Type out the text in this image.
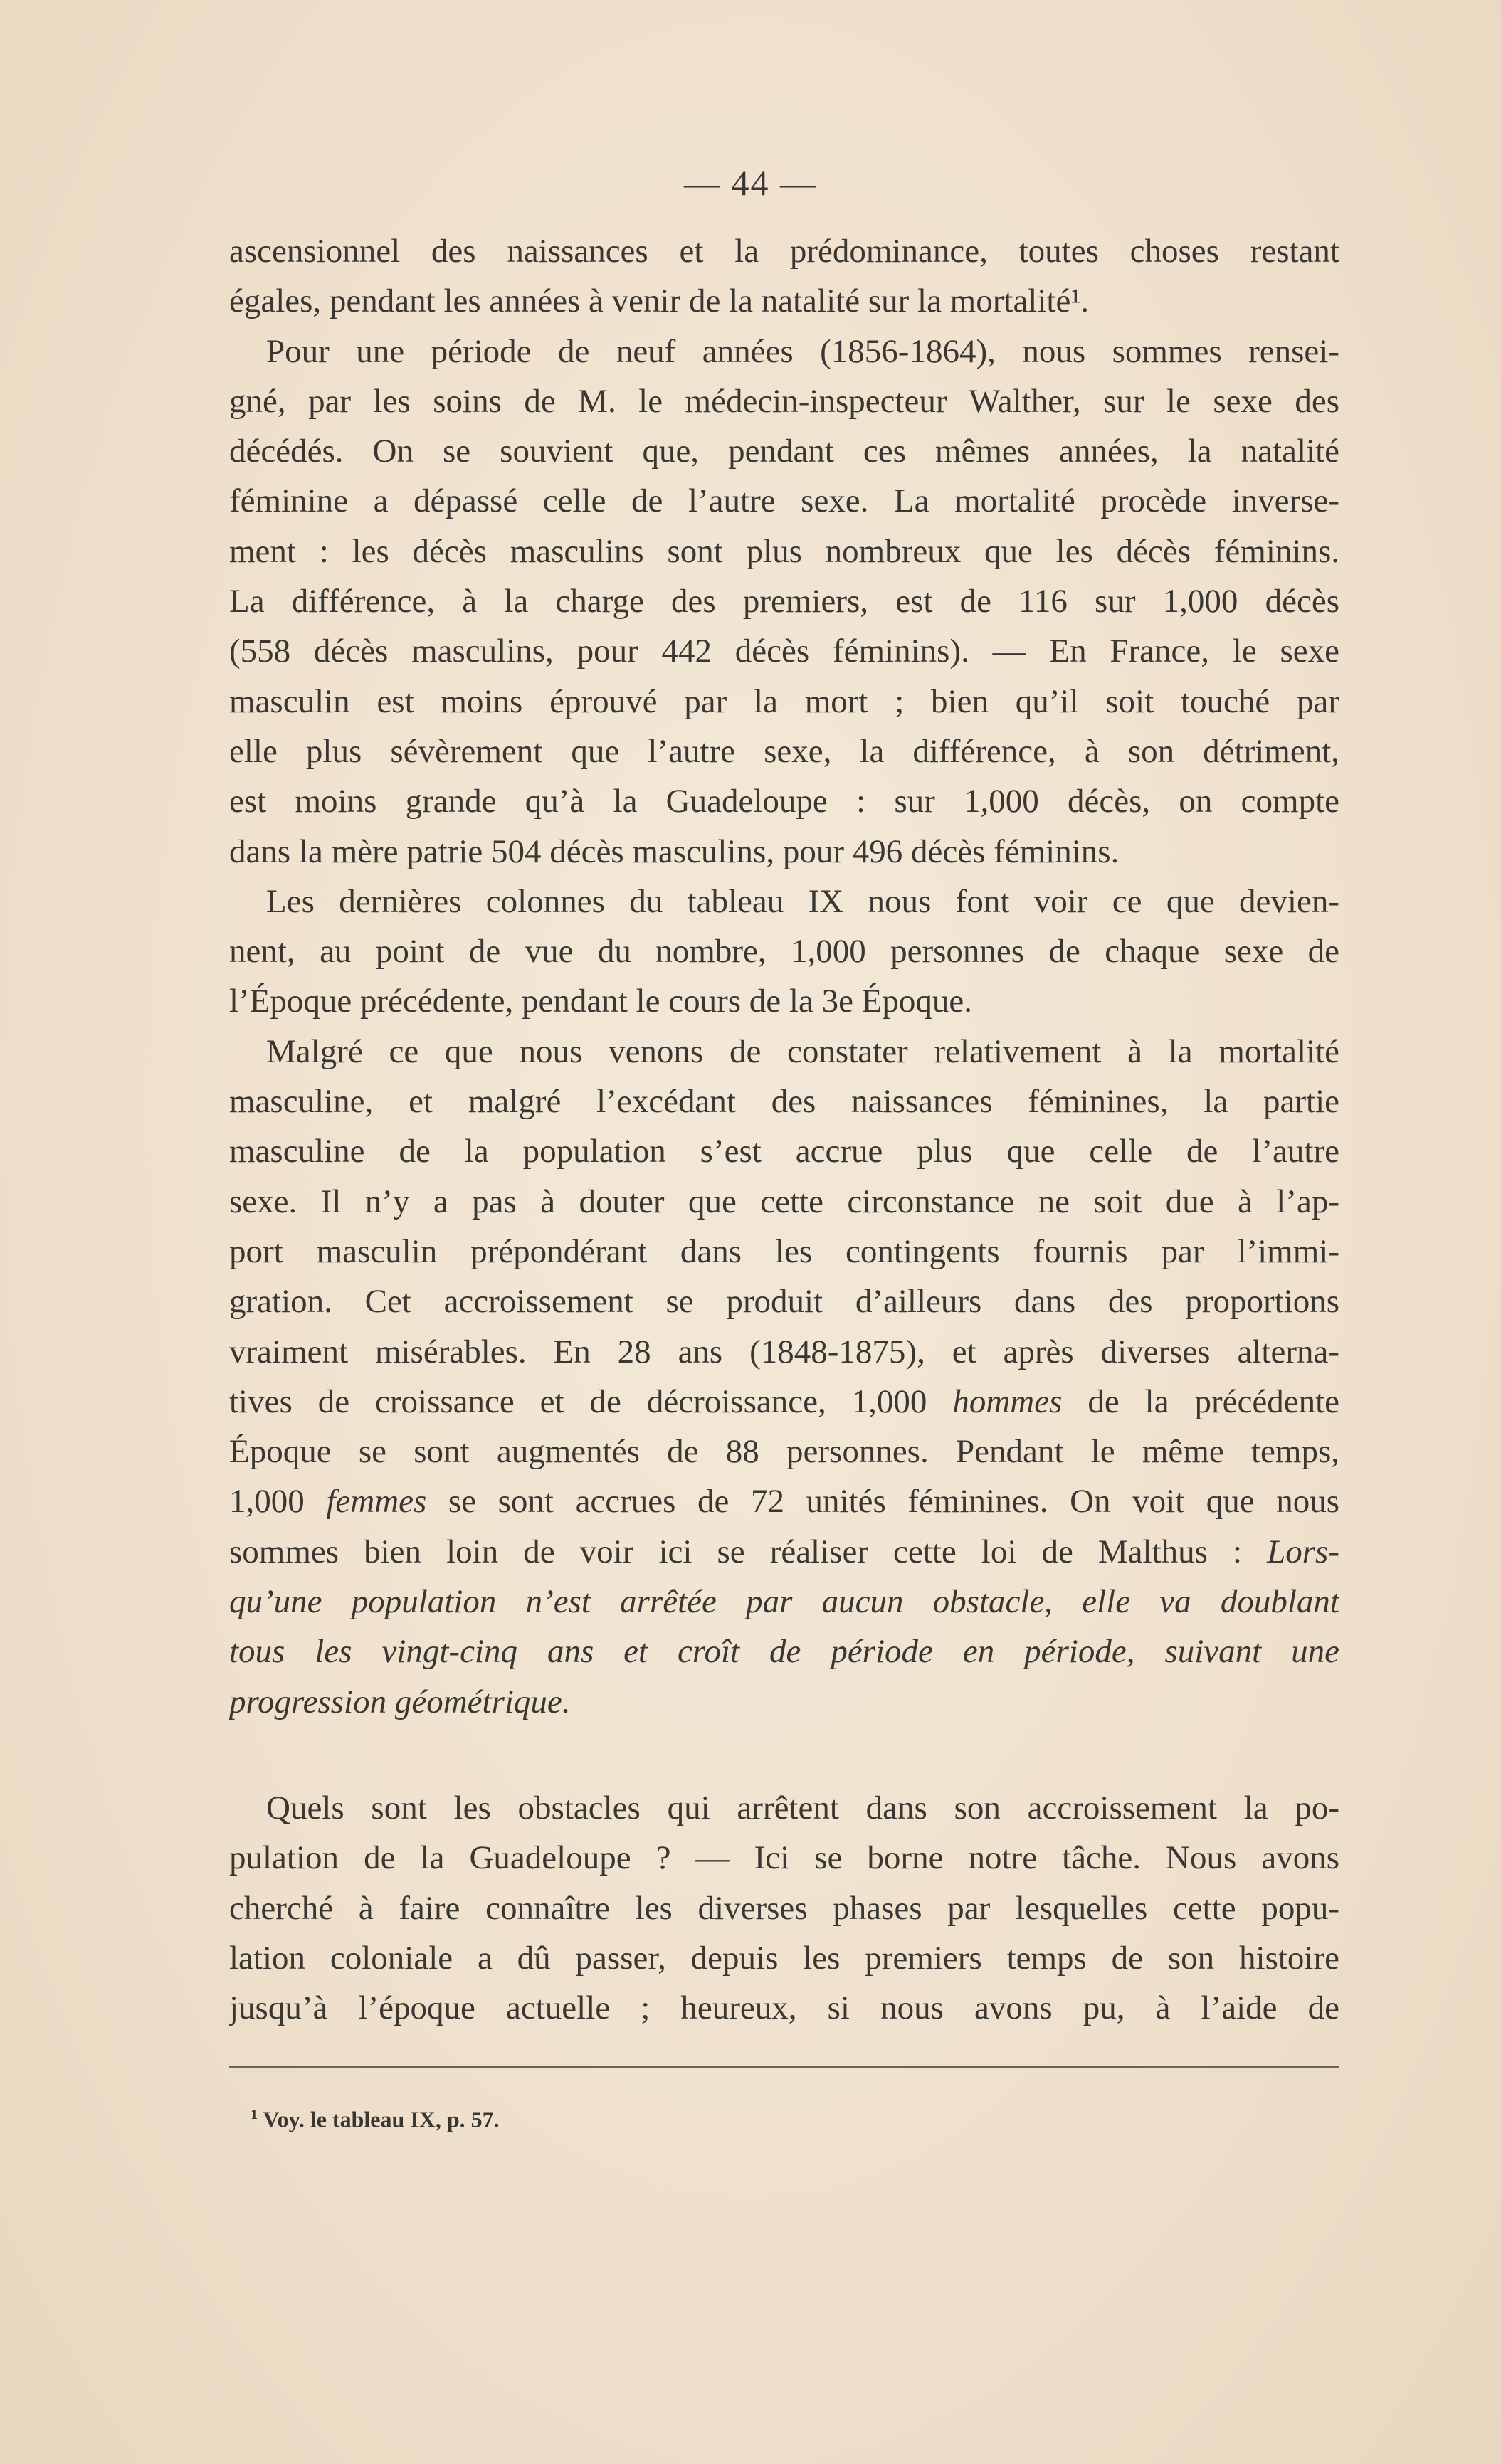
— 44 —
ascensionnel des naissances et la prédominance, toutes choses restant
égales, pendant les années à venir de la natalité sur la mortalité¹.
Pour une période de neuf années (1856-1864), nous sommes rensei-
gné, par les soins de M. le médecin-inspecteur Walther, sur le sexe des
décédés. On se souvient que, pendant ces mêmes années, la natalité
féminine a dépassé celle de l’autre sexe. La mortalité procède inverse-
ment : les décès masculins sont plus nombreux que les décès féminins.
La différence, à la charge des premiers, est de 116 sur 1,000 décès
(558 décès masculins, pour 442 décès féminins). — En France, le sexe
masculin est moins éprouvé par la mort ; bien qu’il soit touché par
elle plus sévèrement que l’autre sexe, la différence, à son détriment,
est moins grande qu’à la Guadeloupe : sur 1,000 décès, on compte
dans la mère patrie 504 décès masculins, pour 496 décès féminins.
Les dernières colonnes du tableau IX nous font voir ce que devien-
nent, au point de vue du nombre, 1,000 personnes de chaque sexe de
l’Époque précédente, pendant le cours de la 3e Époque.
Malgré ce que nous venons de constater relativement à la mortalité
masculine, et malgré l’excédant des naissances féminines, la partie
masculine de la population s’est accrue plus que celle de l’autre
sexe. Il n’y a pas à douter que cette circonstance ne soit due à l’ap-
port masculin prépondérant dans les contingents fournis par l’immi-
gration. Cet accroissement se produit d’ailleurs dans des proportions
vraiment misérables. En 28 ans (1848-1875), et après diverses alterna-
tives de croissance et de décroissance, 1,000 hommes de la précédente
Époque se sont augmentés de 88 personnes. Pendant le même temps,
1,000 femmes se sont accrues de 72 unités féminines. On voit que nous
sommes bien loin de voir ici se réaliser cette loi de Malthus : Lors-
qu’une population n’est arrêtée par aucun obstacle, elle va doublant
tous les vingt-cinq ans et croît de période en période, suivant une
progression géométrique.
Quels sont les obstacles qui arrêtent dans son accroissement la po-
pulation de la Guadeloupe ? — Ici se borne notre tâche. Nous avons
cherché à faire connaître les diverses phases par lesquelles cette popu-
lation coloniale a dû passer, depuis les premiers temps de son histoire
jusqu’à l’époque actuelle ; heureux, si nous avons pu, à l’aide de
$^1$ Voy. le tableau IX, p. 57.
